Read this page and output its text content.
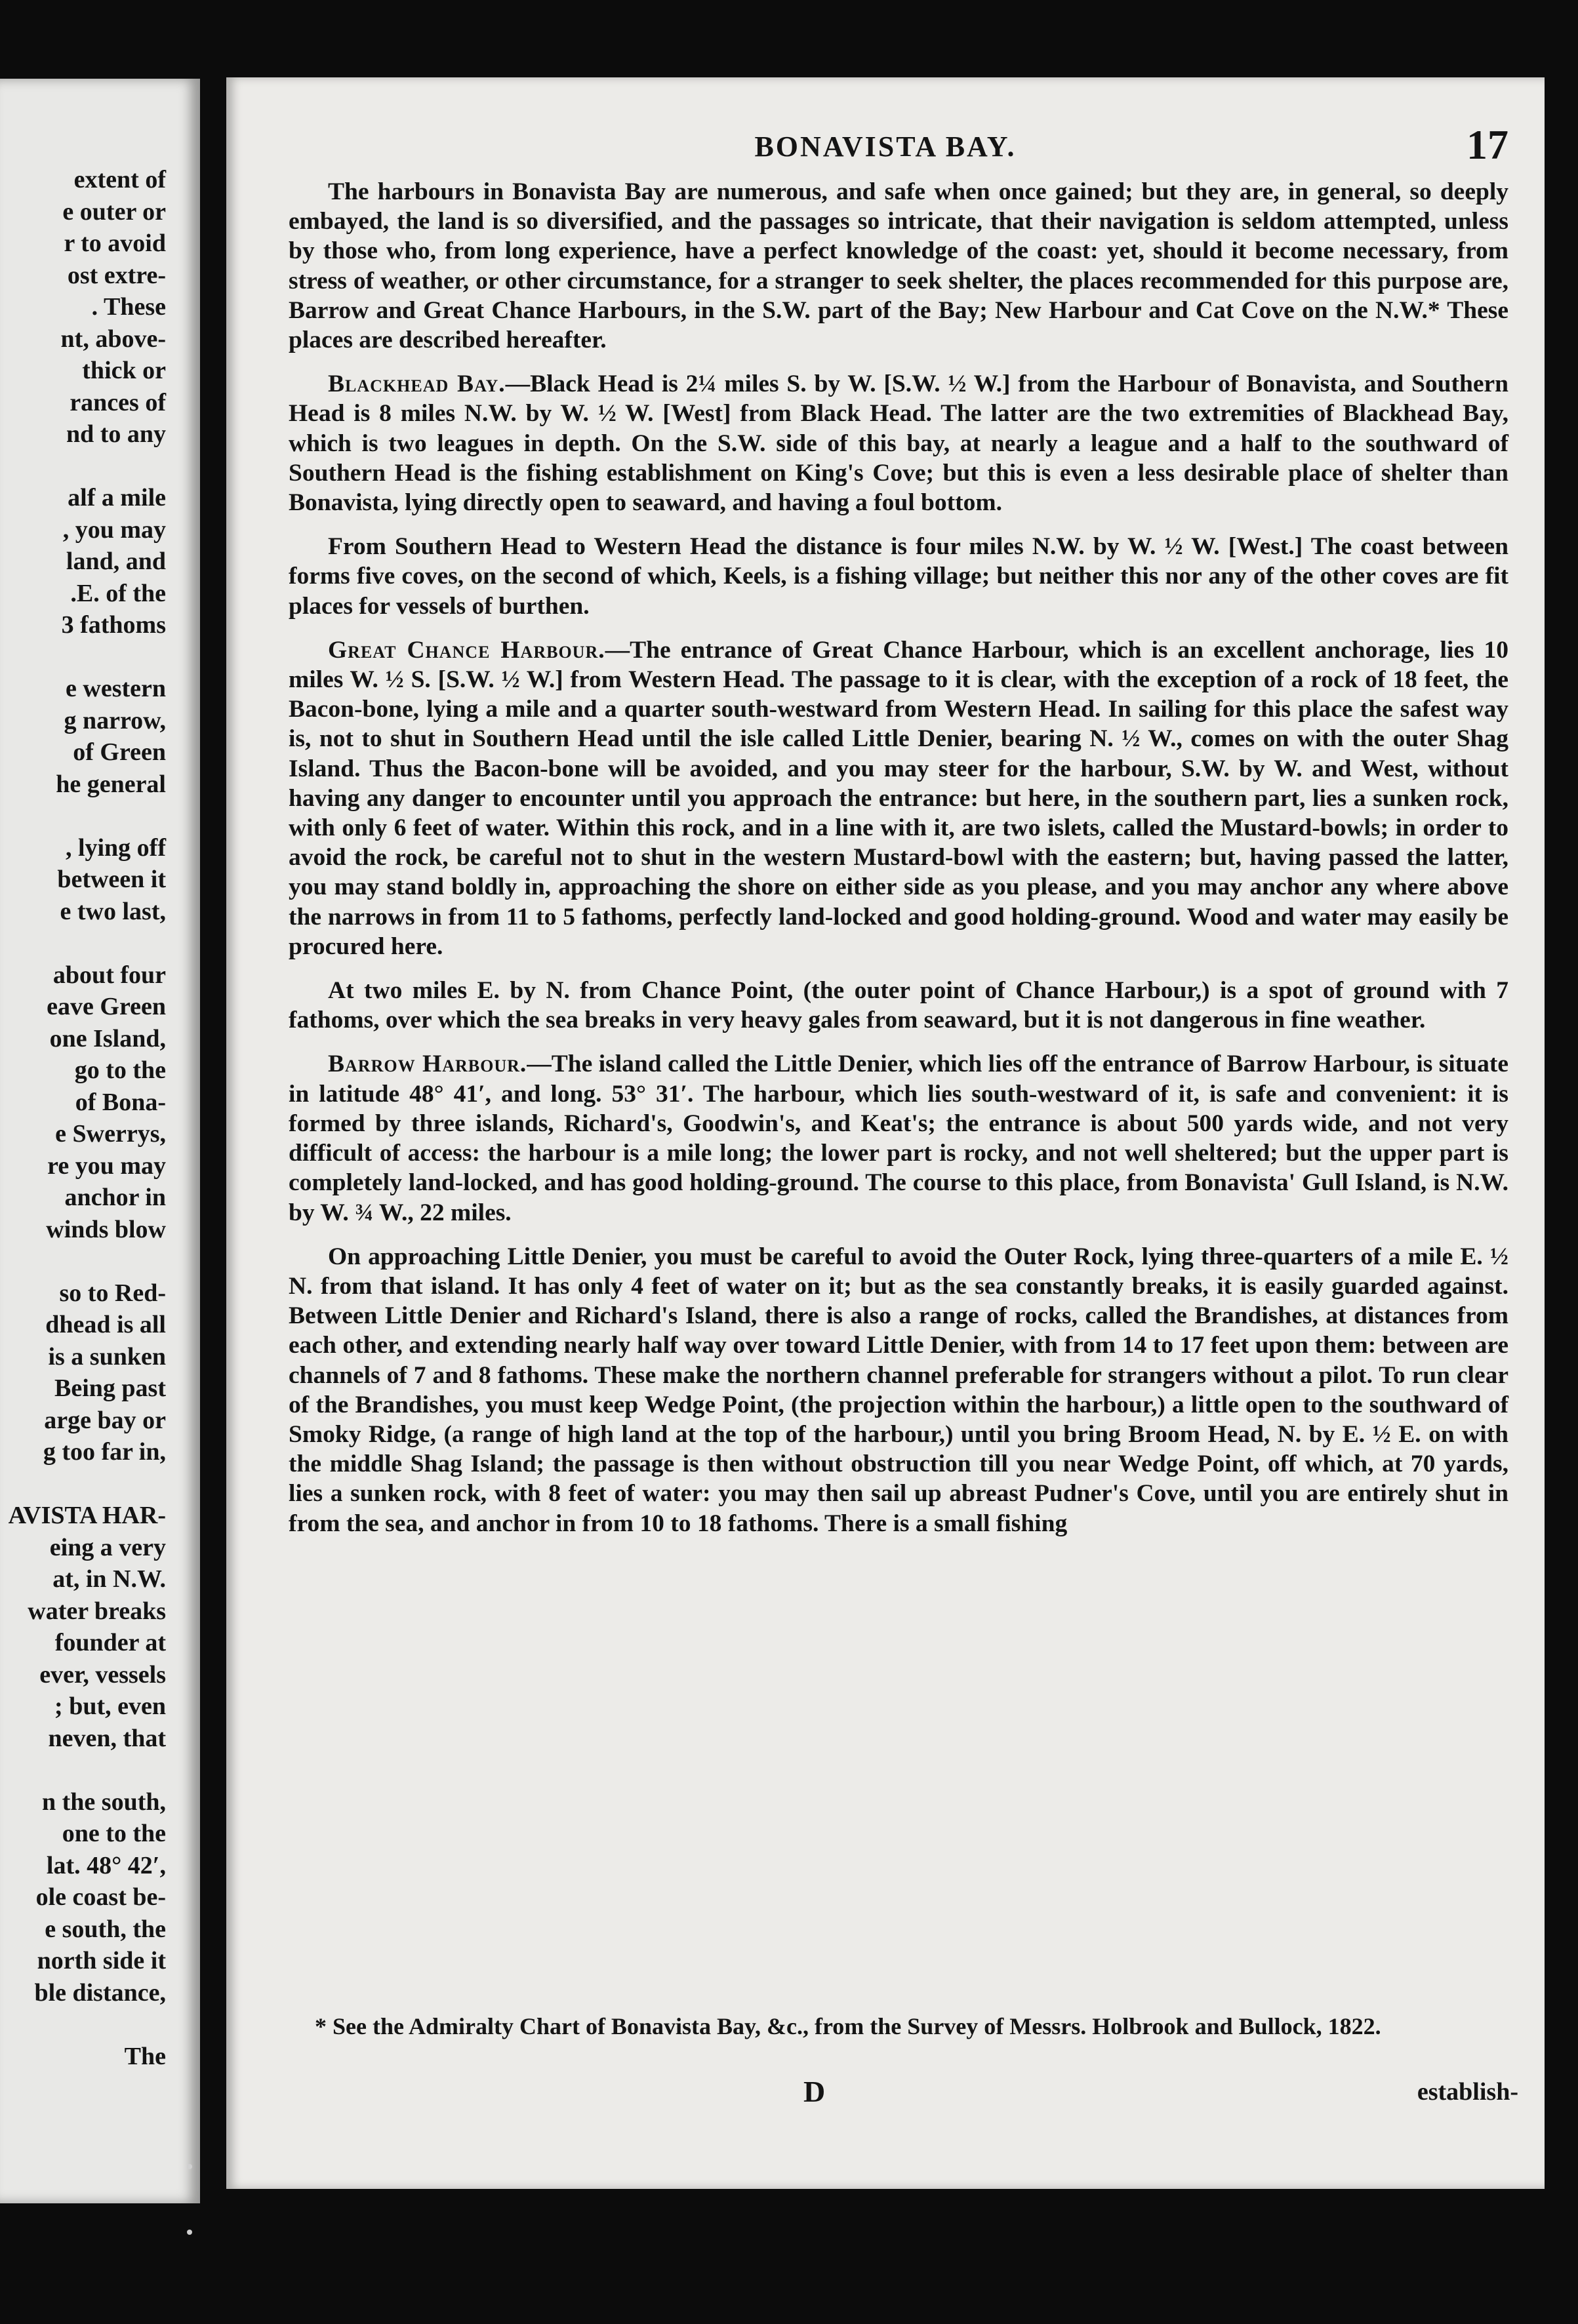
extent of
e outer or
r to avoid
ost extre-
. These
nt, above-
thick or
rances of
nd to any
alf a mile
, you may
land, and
.E. of the
3 fathoms
e western
g narrow,
of Green
he general
, lying off
between it
e two last,
about four
eave Green
one Island,
go to the
of Bona-
e Swerrys,
re you may
anchor in
winds blow
so to Red-
dhead is all
is a sunken
Being past
arge bay or
g too far in,
AVISTA HAR-
eing a very
at, in N.W.
water breaks
founder at
ever, vessels
; but, even
neven, that
n the south,
one to the
lat. 48° 42′,
ole coast be-
e south, the
north side it
ble distance,
The
BONAVISTA BAY.	17

The harbours in Bonavista Bay are numerous, and safe when once gained; but they are, in general, so deeply embayed, the land is so diversified, and the passages so intricate, that their navigation is seldom attempted, unless by those who, from long experience, have a perfect knowledge of the coast: yet, should it become necessary, from stress of weather, or other circumstance, for a stranger to seek shelter, the places recommended for this purpose are, Barrow and Great Chance Harbours, in the S.W. part of the Bay; New Harbour and Cat Cove on the N.W.* These places are described hereafter.

Blackhead Bay.—Black Head is 2¼ miles S. by W. [S.W. ½ W.] from the Harbour of Bonavista, and Southern Head is 8 miles N.W. by W. ½ W. [West] from Black Head. The latter are the two extremities of Blackhead Bay, which is two leagues in depth. On the S.W. side of this bay, at nearly a league and a half to the southward of Southern Head is the fishing establishment on King's Cove; but this is even a less desirable place of shelter than Bonavista, lying directly open to seaward, and having a foul bottom.

From Southern Head to Western Head the distance is four miles N.W. by W. ½ W. [West.] The coast between forms five coves, on the second of which, Keels, is a fishing village; but neither this nor any of the other coves are fit places for vessels of burthen.

Great Chance Harbour.—The entrance of Great Chance Harbour, which is an excellent anchorage, lies 10 miles W. ½ S. [S.W. ½ W.] from Western Head. The passage to it is clear, with the exception of a rock of 18 feet, the Bacon-bone, lying a mile and a quarter south-westward from Western Head. In sailing for this place the safest way is, not to shut in Southern Head until the isle called Little Denier, bearing N. ½ W., comes on with the outer Shag Island. Thus the Bacon-bone will be avoided, and you may steer for the harbour, S.W. by W. and West, without having any danger to encounter until you approach the entrance: but here, in the southern part, lies a sunken rock, with only 6 feet of water. Within this rock, and in a line with it, are two islets, called the Mustard-bowls; in order to avoid the rock, be careful not to shut in the western Mustard-bowl with the eastern; but, having passed the latter, you may stand boldly in, approaching the shore on either side as you please, and you may anchor any where above the narrows in from 11 to 5 fathoms, perfectly land-locked and good holding-ground. Wood and water may easily be procured here.

At two miles E. by N. from Chance Point, (the outer point of Chance Harbour,) is a spot of ground with 7 fathoms, over which the sea breaks in very heavy gales from seaward, but it is not dangerous in fine weather.

Barrow Harbour.—The island called the Little Denier, which lies off the entrance of Barrow Harbour, is situate in latitude 48° 41′, and long. 53° 31′. The harbour, which lies south-westward of it, is safe and convenient: it is formed by three islands, Richard's, Goodwin's, and Keat's; the entrance is about 500 yards wide, and not very difficult of access: the harbour is a mile long; the lower part is rocky, and not well sheltered; but the upper part is completely land-locked, and has good holding-ground. The course to this place, from Bonavista' Gull Island, is N.W. by W. ¾ W., 22 miles.

On approaching Little Denier, you must be careful to avoid the Outer Rock, lying three-quarters of a mile E. ½ N. from that island. It has only 4 feet of water on it; but as the sea constantly breaks, it is easily guarded against. Between Little Denier and Richard's Island, there is also a range of rocks, called the Brandishes, at distances from each other, and extending nearly half way over toward Little Denier, with from 14 to 17 feet upon them: between are channels of 7 and 8 fathoms. These make the northern channel preferable for strangers without a pilot. To run clear of the Brandishes, you must keep Wedge Point, (the projection within the harbour,) a little open to the southward of Smoky Ridge, (a range of high land at the top of the harbour,) until you bring Broom Head, N. by E. ½ E. on with the middle Shag Island; the passage is then without obstruction till you near Wedge Point, off which, at 70 yards, lies a sunken rock, with 8 feet of water: you may then sail up abreast Pudner's Cove, until you are entirely shut in from the sea, and anchor in from 10 to 18 fathoms. There is a small fishing

* See the Admiralty Chart of Bonavista Bay, &c., from the Survey of Messrs. Holbrook and Bullock, 1822.
D	establish-
